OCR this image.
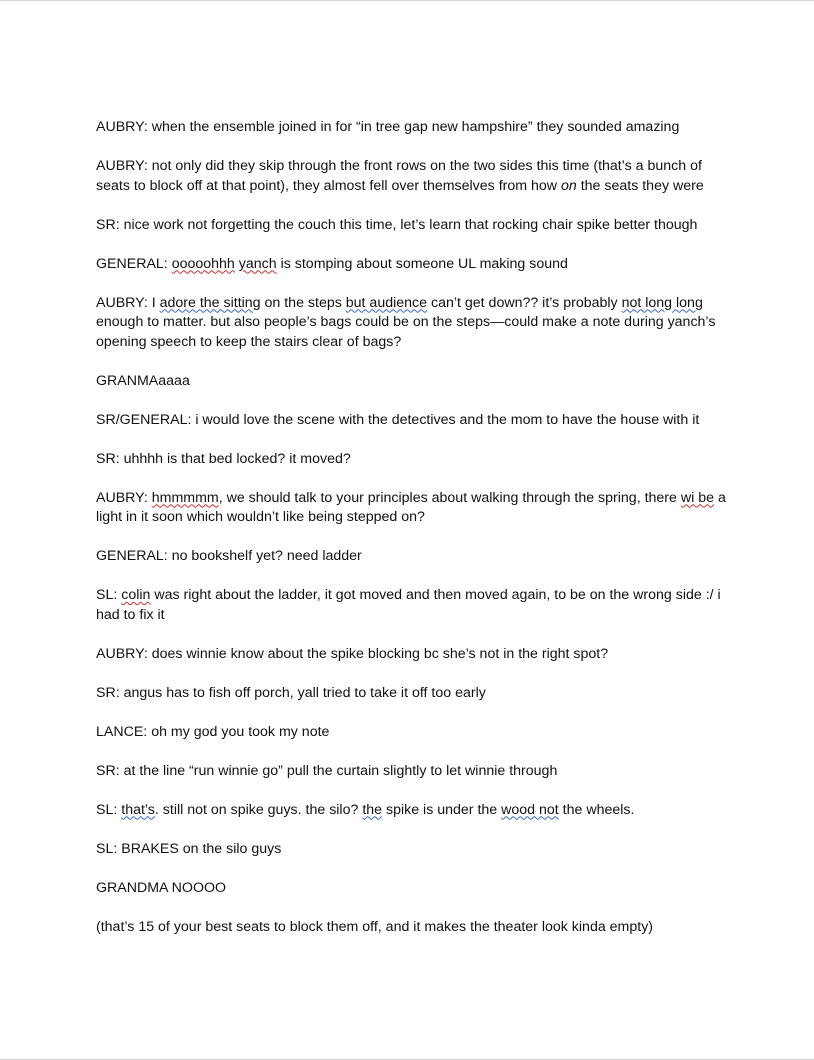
AUBRY: when the ensemble joined in for “in tree gap new hampshire” they sounded amazing

AUBRY: not only did they skip through the front rows on the two sides this time (that’s a bunch of seats to block off at that point), they almost fell over themselves from how on the seats they were

SR: nice work not forgetting the couch this time, let’s learn that rocking chair spike better though

GENERAL: ooooohhh yanch is stomping about someone UL making sound

AUBRY: I adore the sitting on the steps but audience can’t get down?? it’s probably not long long enough to matter. but also people’s bags could be on the steps—could make a note during yanch’s opening speech to keep the stairs clear of bags?

GRANMAaaaa

SR/GENERAL: i would love the scene with the detectives and the mom to have the house with it

SR: uhhhh is that bed locked? it moved?

AUBRY: hmmmmm, we should talk to your principles about walking through the spring, there wi be a light in it soon which wouldn’t like being stepped on?

GENERAL: no bookshelf yet? need ladder

SL: colin was right about the ladder, it got moved and then moved again, to be on the wrong side :/ i had to fix it

AUBRY: does winnie know about the spike blocking bc she’s not in the right spot?

SR: angus has to fish off porch, yall tried to take it off too early

LANCE: oh my god you took my note

SR: at the line “run winnie go” pull the curtain slightly to let winnie through

SL: that’s. still not on spike guys. the silo? the spike is under the wood not the wheels.

SL: BRAKES on the silo guys

GRANDMA NOOOO

(that’s 15 of your best seats to block them off, and it makes the theater look kinda empty)
